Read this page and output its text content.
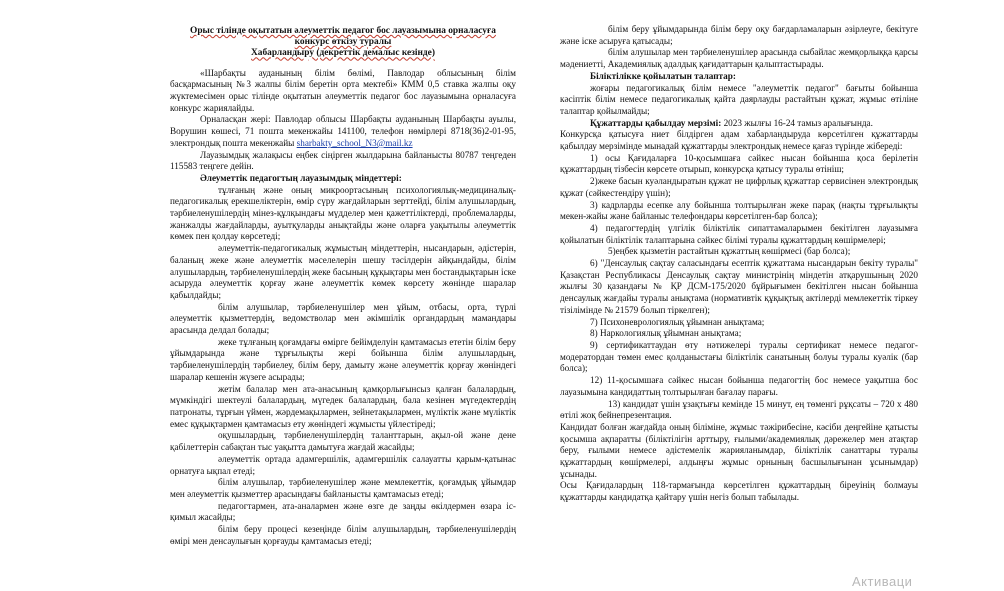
Орыс тілінде оқытатын әлеуметтік педагог бос лауазымына орналасуға

конкурс өткізу туралы

Хабарландыру (декреттік демалыс кезінде)

«Шарбақты ауданының білім бөлімі, Павлодар облысының білім басқармасының №3 жалпы білім беретін орта мектебі» КММ 0,5 ставка жалпы оқу жүктемесімен орыс тілінде оқытатын әлеуметтік педагог бос лауазымына орналасуға конкурс жариялайды.

Орналасқан жері: Павлодар облысы Шарбақты ауданының Шарбақты ауылы, Ворушин көшесі, 71 пошта мекенжайы 141100, телефон нөмірлері 8718(36)2-01-95, электрондық пошта мекенжайы sharbakty_school_N3@mail.kz

Лауазымдық жалақысы еңбек сіңірген жылдарына байланысты 80787 теңгеден 115583 теңгеге дейін.

Әлеуметтік педагогтың лауазымдық міндеттері:

тұлғаның және оның микроортасының психологиялық-медициналық-педагогикалық ерекшеліктерін, өмір сүру жағдайларын зерттейді, білім алушылардың, тәрбиеленушілердің мінез-құлқындағы мүдделер мен қажеттіліктерді, проблемаларды, жанжалды жағдайларды, ауытқуларды анықтайды және оларға уақытылы әлеуметтік көмек пен қолдау көрсетеді;

әлеуметтік-педагогикалық жұмыстың міндеттерін, нысандарын, әдістерін, баланың жеке және әлеуметтік мәселелерін шешу тәсілдерін айқындайды, білім алушылардың, тәрбиеленушілердің жеке басының құқықтары мен бостандықтарын іске асыруда әлеуметтік қорғау және әлеуметтік көмек көрсету жөнінде шаралар қабылдайды;

білім алушылар, тәрбиеленушілер мен ұйым, отбасы, орта, түрлі әлеуметтік қызметтердің, ведомстволар мен әкімшілік органдардың мамандары арасында делдал болады;

жеке тұлғаның қоғамдағы өмірге бейімделуін қамтамасыз ететін білім беру ұйымдарында және тұрғылықты жері бойынша білім алушылардың, тәрбиеленушілердің тәрбиелеу, білім беру, дамыту және әлеуметтік қорғау жөніндегі шаралар кешенін жүзеге асырады;

жетім балалар мен ата-анасының қамқорлығынсыз қалған балалардың, мүмкіндігі шектеулі балалардың, мүгедек балалардың, бала кезінен мүгедектердің патронаты, тұрғын үймен, жәрдемақылармен, зейнетақылармен, мүліктік және мүліктік емес құқықтармен қамтамасыз ету жөніндегі жұмысты үйлестіреді;

оқушылардың, тәрбиеленушілердің таланттарын, ақыл-ой және дене қабілеттерін сабақтан тыс уақытта дамытуға жағдай жасайды;

әлеуметтік ортада адамгершілік, адамгершілік салауатты қарым-қатынас орнатуға ықпал етеді;

білім алушылар, тәрбиеленушілер және мемлекеттік, қоғамдық ұйымдар мен әлеуметтік қызметтер арасындағы байланысты қамтамасыз етеді;

педагогтармен, ата-аналармен және өзге де заңды өкілдермен өзара іс-қимыл жасайды;

білім беру процесі кезеңінде білім алушылардың, тәрбиеленушілердің өмірі мен денсаулығын қорғауды қамтамасыз етеді;

білім беру ұйымдарында білім беру оқу бағдарламаларын әзірлеуге, бекітуге және іске асыруға қатысады;

білім алушылар мен тәрбиеленушілер арасында сыбайлас жемқорлыққа қарсы мәдениетті, Академиялық адалдық қағидаттарын қалыптастырады.

Біліктілікке қойылатын талаптар:

жоғары педагогикалық білім немесе "әлеуметтік педагог" бағыты бойынша кәсіптік білім немесе педагогикалық қайта даярлауды растайтын құжат, жұмыс өтіліне талаптар қойылмайды;

Құжаттарды қабылдау мерзімі: 2023 жылғы 16-24 тамыз аралығында.

Конкурсқа қатысуға ниет білдірген адам хабарландыруда көрсетілген құжаттарды қабылдау мерзімінде мынадай құжаттарды электрондық немесе қағаз түрінде жібереді:

1) осы Қағидаларға 10-қосымшаға сәйкес нысан бойынша қоса берілетін құжаттардың тізбесін көрсете отырып, конкурсқа қатысу туралы өтініш;

2)жеке басын куәландыратын құжат не цифрлық құжаттар сервисінен электрондық құжат (сәйкестендіру үшін);

3) кадрларды есепке алу бойынша толтырылған жеке парақ (нақты тұрғылықты мекен-жайы және байланыс телефондары көрсетілген-бар болса);

4) педагогтердің үлгілік біліктілік сипаттамаларымен бекітілген лауазымға қойылатын біліктілік талаптарына сәйкес білімі туралы құжаттардың көшірмелері;

5)еңбек қызметін растайтын құжаттың көшірмесі (бар болса);

6) "Денсаулық сақтау саласындағы есептік құжаттама нысандарын бекіту туралы" Қазақстан Республикасы Денсаулық сақтау министрінің міндетін атқарушының 2020 жылғы 30 қазандағы № ҚР ДСМ-175/2020 бұйрығымен бекітілген нысан бойынша денсаулық жағдайы туралы анықтама (нормативтік құқықтық актілерді мемлекеттік тіркеу тізілімінде № 21579 болып тіркелген);

7) Психоневрологиялық ұйымнан анықтама;

8) Наркологиялық ұйымнан анықтама;

9) сертификаттаудан өту нәтижелері туралы сертификат немесе педагог-модератордан төмен емес қолданыстағы біліктілік санатының болуы туралы куәлік (бар болса);

12) 11-қосымшаға сәйкес нысан бойынша педагогтің бос немесе уақытша бос лауазымына кандидаттың толтырылған бағалау парағы.

13) кандидат үшін ұзақтығы кемінде 15 минут, ең төменгі рұқсаты – 720 x 480 өтілі жоқ бейнепрезентация.

Кандидат болған жағдайда оның біліміне, жұмыс тәжірибесіне, кәсіби деңгейіне қатысты қосымша ақпаратты (біліктілігін арттыру, ғылыми/академиялық дәрежелер мен атақтар беру, ғылыми немесе әдістемелік жарияланымдар, біліктілік санаттары туралы құжаттардың көшірмелері, алдыңғы жұмыс орнының басшылығынан ұсынымдар) ұсынады.

Осы Қағидалардың 118-тармағында көрсетілген құжаттардың біреуінің болмауы құжаттарды кандидатқа қайтару үшін негіз болып табылады.

Активаци
